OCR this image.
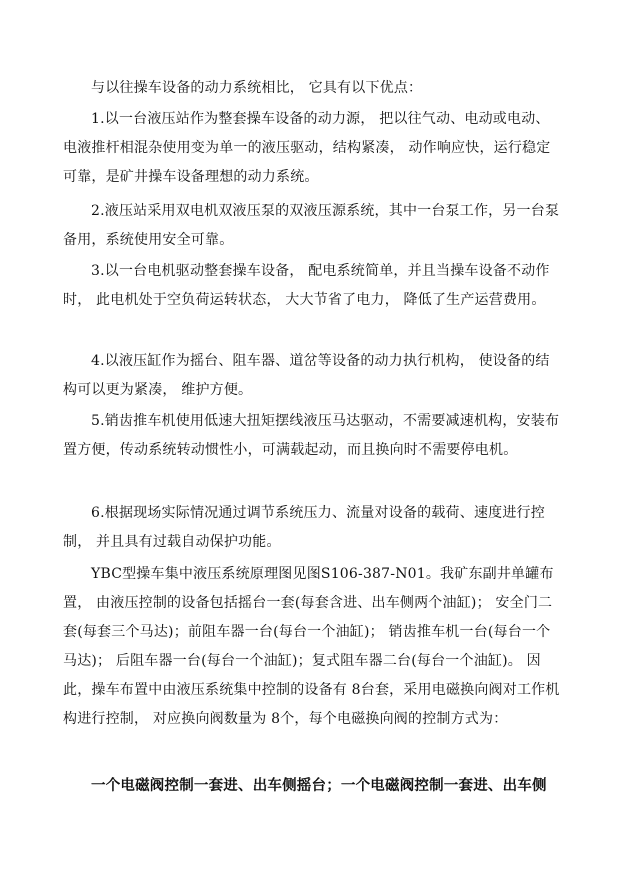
与以往操车设备的动力系统相比， 它具有以下优点：

1.以一台液压站作为整套操车设备的动力源， 把以往气动、电动或电动、电液推杆相混杂使用变为单一的液压驱动，结构紧凑， 动作响应快，运行稳定可靠，是矿井操车设备理想的动力系统。

2.液压站采用双电机双液压泵的双液压源系统，其中一台泵工作，另一台泵备用，系统使用安全可靠。

3.以一台电机驱动整套操车设备， 配电系统简单，并且当操车设备不动作时， 此电机处于空负荷运转状态， 大大节省了电力， 降低了生产运营费用。

4.以液压缸作为摇台、阻车器、道岔等设备的动力执行机构， 使设备的结构可以更为紧凑， 维护方便。

5.销齿推车机使用低速大扭矩摆线液压马达驱动，不需要减速机构，安装布置方便，传动系统转动惯性小，可满载起动，而且换向时不需要停电机。

6.根据现场实际情况通过调节系统压力、流量对设备的载荷、速度进行控制， 并且具有过载自动保护功能。

YBC型操车集中液压系统原理图见图S106-387-N01。我矿东副井单罐布置， 由液压控制的设备包括摇台一套(每套含进、出车侧两个油缸)； 安全门二套(每套三个马达)；前阻车器一台(每台一个油缸)； 销齿推车机一台(每台一个马达)； 后阻车器一台(每台一个油缸)；复式阻车器二台(每台一个油缸)。 因此，操车布置中由液压系统集中控制的设备有 8台套，采用电磁换向阀对工作机构进行控制， 对应换向阀数量为 8个，每个电磁换向阀的控制方式为：

一个电磁阀控制一套进、出车侧摇台；一个电磁阀控制一套进、出车侧
